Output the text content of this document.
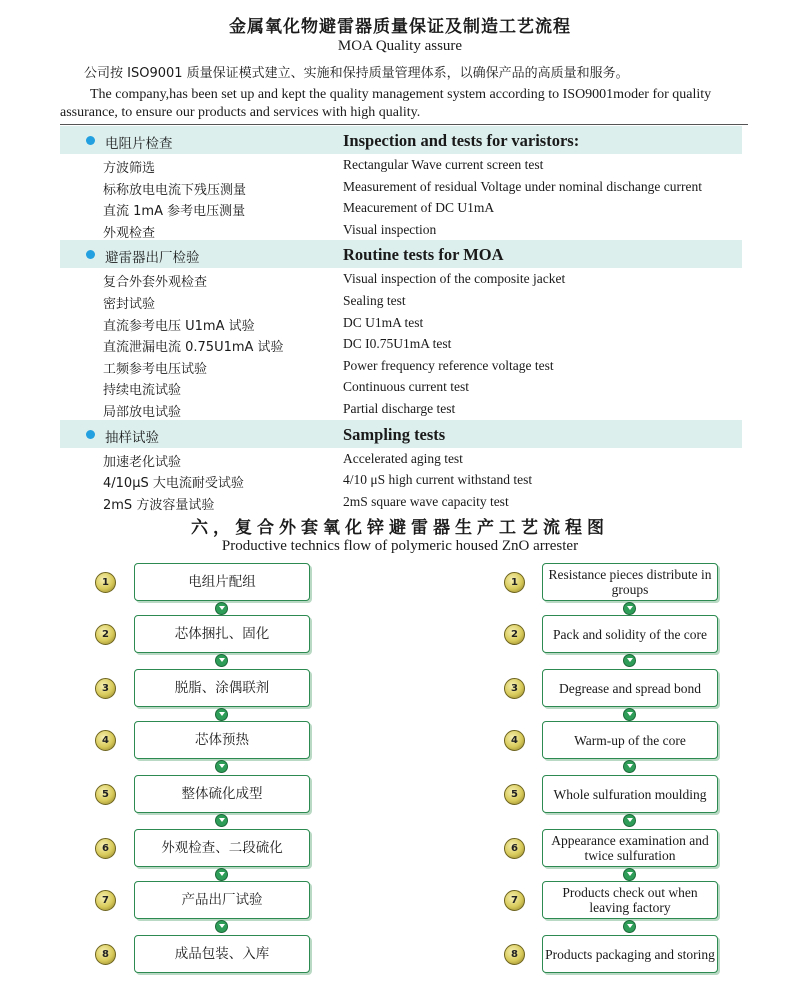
金属氧化物避雷器质量保证及制造工艺流程
MOA Quality assure
公司按 ISO9001 质量保证模式建立、实施和保持质量管理体系，以确保产品的高质量和服务。
The company,has been set up and kept the quality management system according to ISO9001moder for quality assurance, to ensure our products and services with high quality.
电阻片检查	Inspection and tests for varistors:
方波筛选	Rectangular Wave current screen test
标称放电电流下残压测量	Measurement of residual Voltage under nominal dischange current
直流 1mA 参考电压测量	Meacurement of DC U1mA
外观检查	Visual inspection
避雷器出厂检验	Routine tests for MOA
复合外套外观检查	Visual inspection of the composite jacket
密封试验	Sealing test
直流参考电压 U1mA 试验	DC U1mA test
直流泄漏电流 0.75U1mA 试验	DC I0.75U1mA test
工频参考电压试验	Power frequency reference voltage test
持续电流试验	Continuous current test
局部放电试验	Partial discharge test
抽样试验	Sampling tests
加速老化试验	Accelerated aging test
4/10μS 大电流耐受试验	4/10 μS high current withstand test
2mS 方波容量试验	2mS square wave capacity test
六，复合外套氧化锌避雷器生产工艺流程图
Productive technics flow of polymeric housed ZnO arrester
1	电组片配组
2	芯体捆扎、固化
3	脱脂、涂偶联剂
4	芯体预热
5	整体硫化成型
6	外观检查、二段硫化
7	产品出厂试验
8	成品包装、入库
1
Resistance pieces distribute in groups
2	Pack and solidity of the core
3	Degrease and spread bond
4	Warm-up of the core
5	Whole sulfuration moulding
6
Appearance examination and twice sulfuration
7
Products check out when leaving factory
8	Products packaging and storing
